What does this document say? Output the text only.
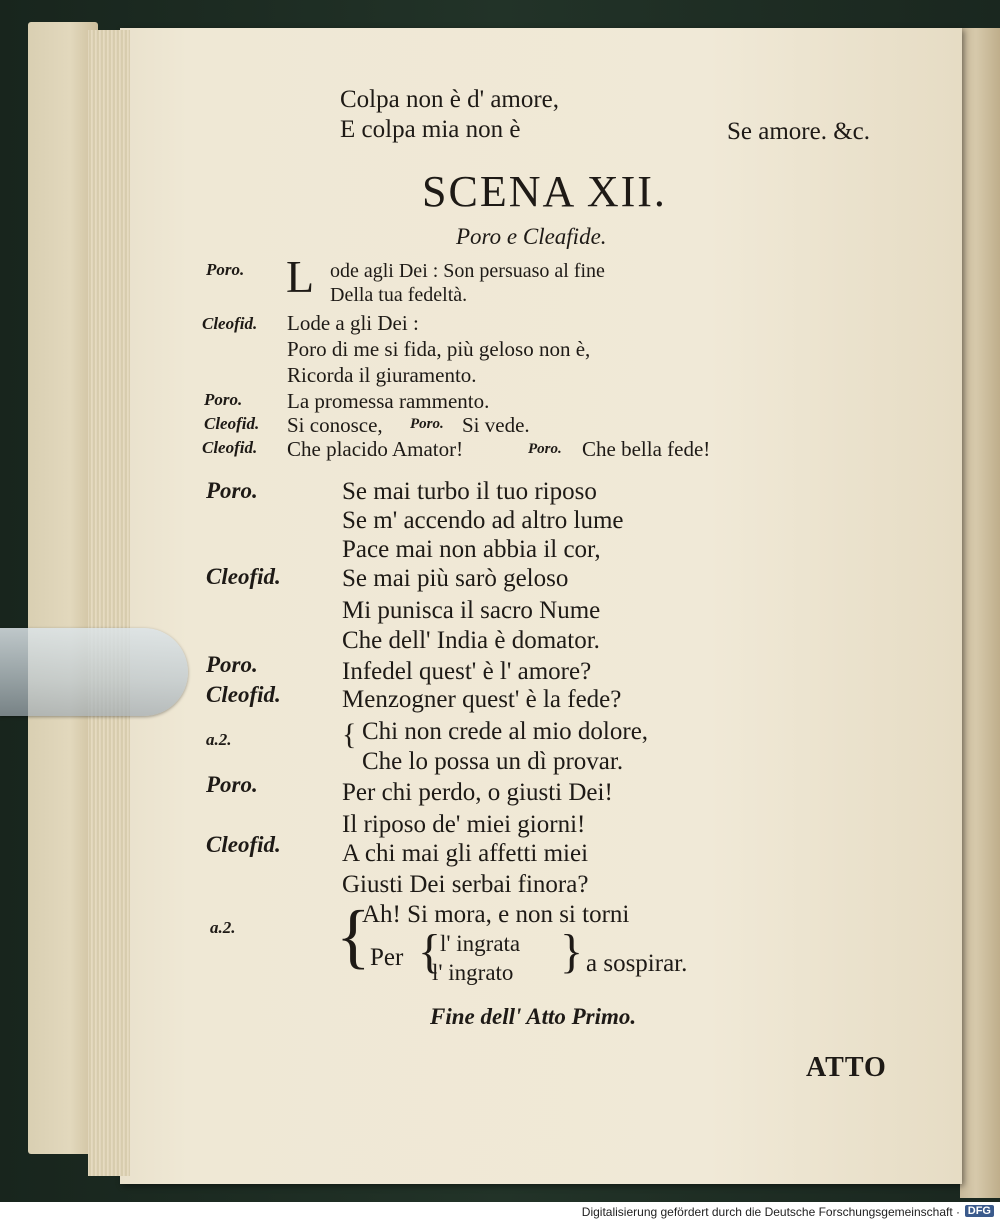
Colpa non è d' amore,
E colpa mia non è	Se amore. &c.
SCENA XII.
Poro e Cleafide.
Poro. L ode agli Dei : Son persuaso al fine
Della tua fedeltà.
Cleofid. Lode a gli Dei :
Poro di me si fida, più geloso non è,
Ricorda il giuramento.
Poro. La promessa rammento.
Cleofid. Si conosce, Poro. Si vede.
Cleofid. Che placido Amator!	Poro. Che bella fede!
Poro.	Se mai turbo il tuo riposo
Se m' accendo ad altro lume
Pace mai non abbia il cor,
Cleofid. Se mai più sarò geloso
Mi punisca il sacro Nume
Che dell' India è domator.
Poro.	Infedel quest' è l' amore?
Cleofid. Menzogner quest' è la fede?
a.2.	{ Chi non crede al mio dolore,
Che lo possa un dì provar.
Poro.	Per chi perdo, o giusti Dei!
Il riposo de' miei giorni!
Cleofid. A chi mai gli affetti miei
Giusti Dei serbai finora?
a.2. {
Ah! Si mora, e non si torni
Per {
l' ingrata
l' ingrato } a sospirar.
Fine dell' Atto Primo.
ATTO
Digitalisierung gefördert durch die Deutsche Forschungsgemeinschaft · DFG
